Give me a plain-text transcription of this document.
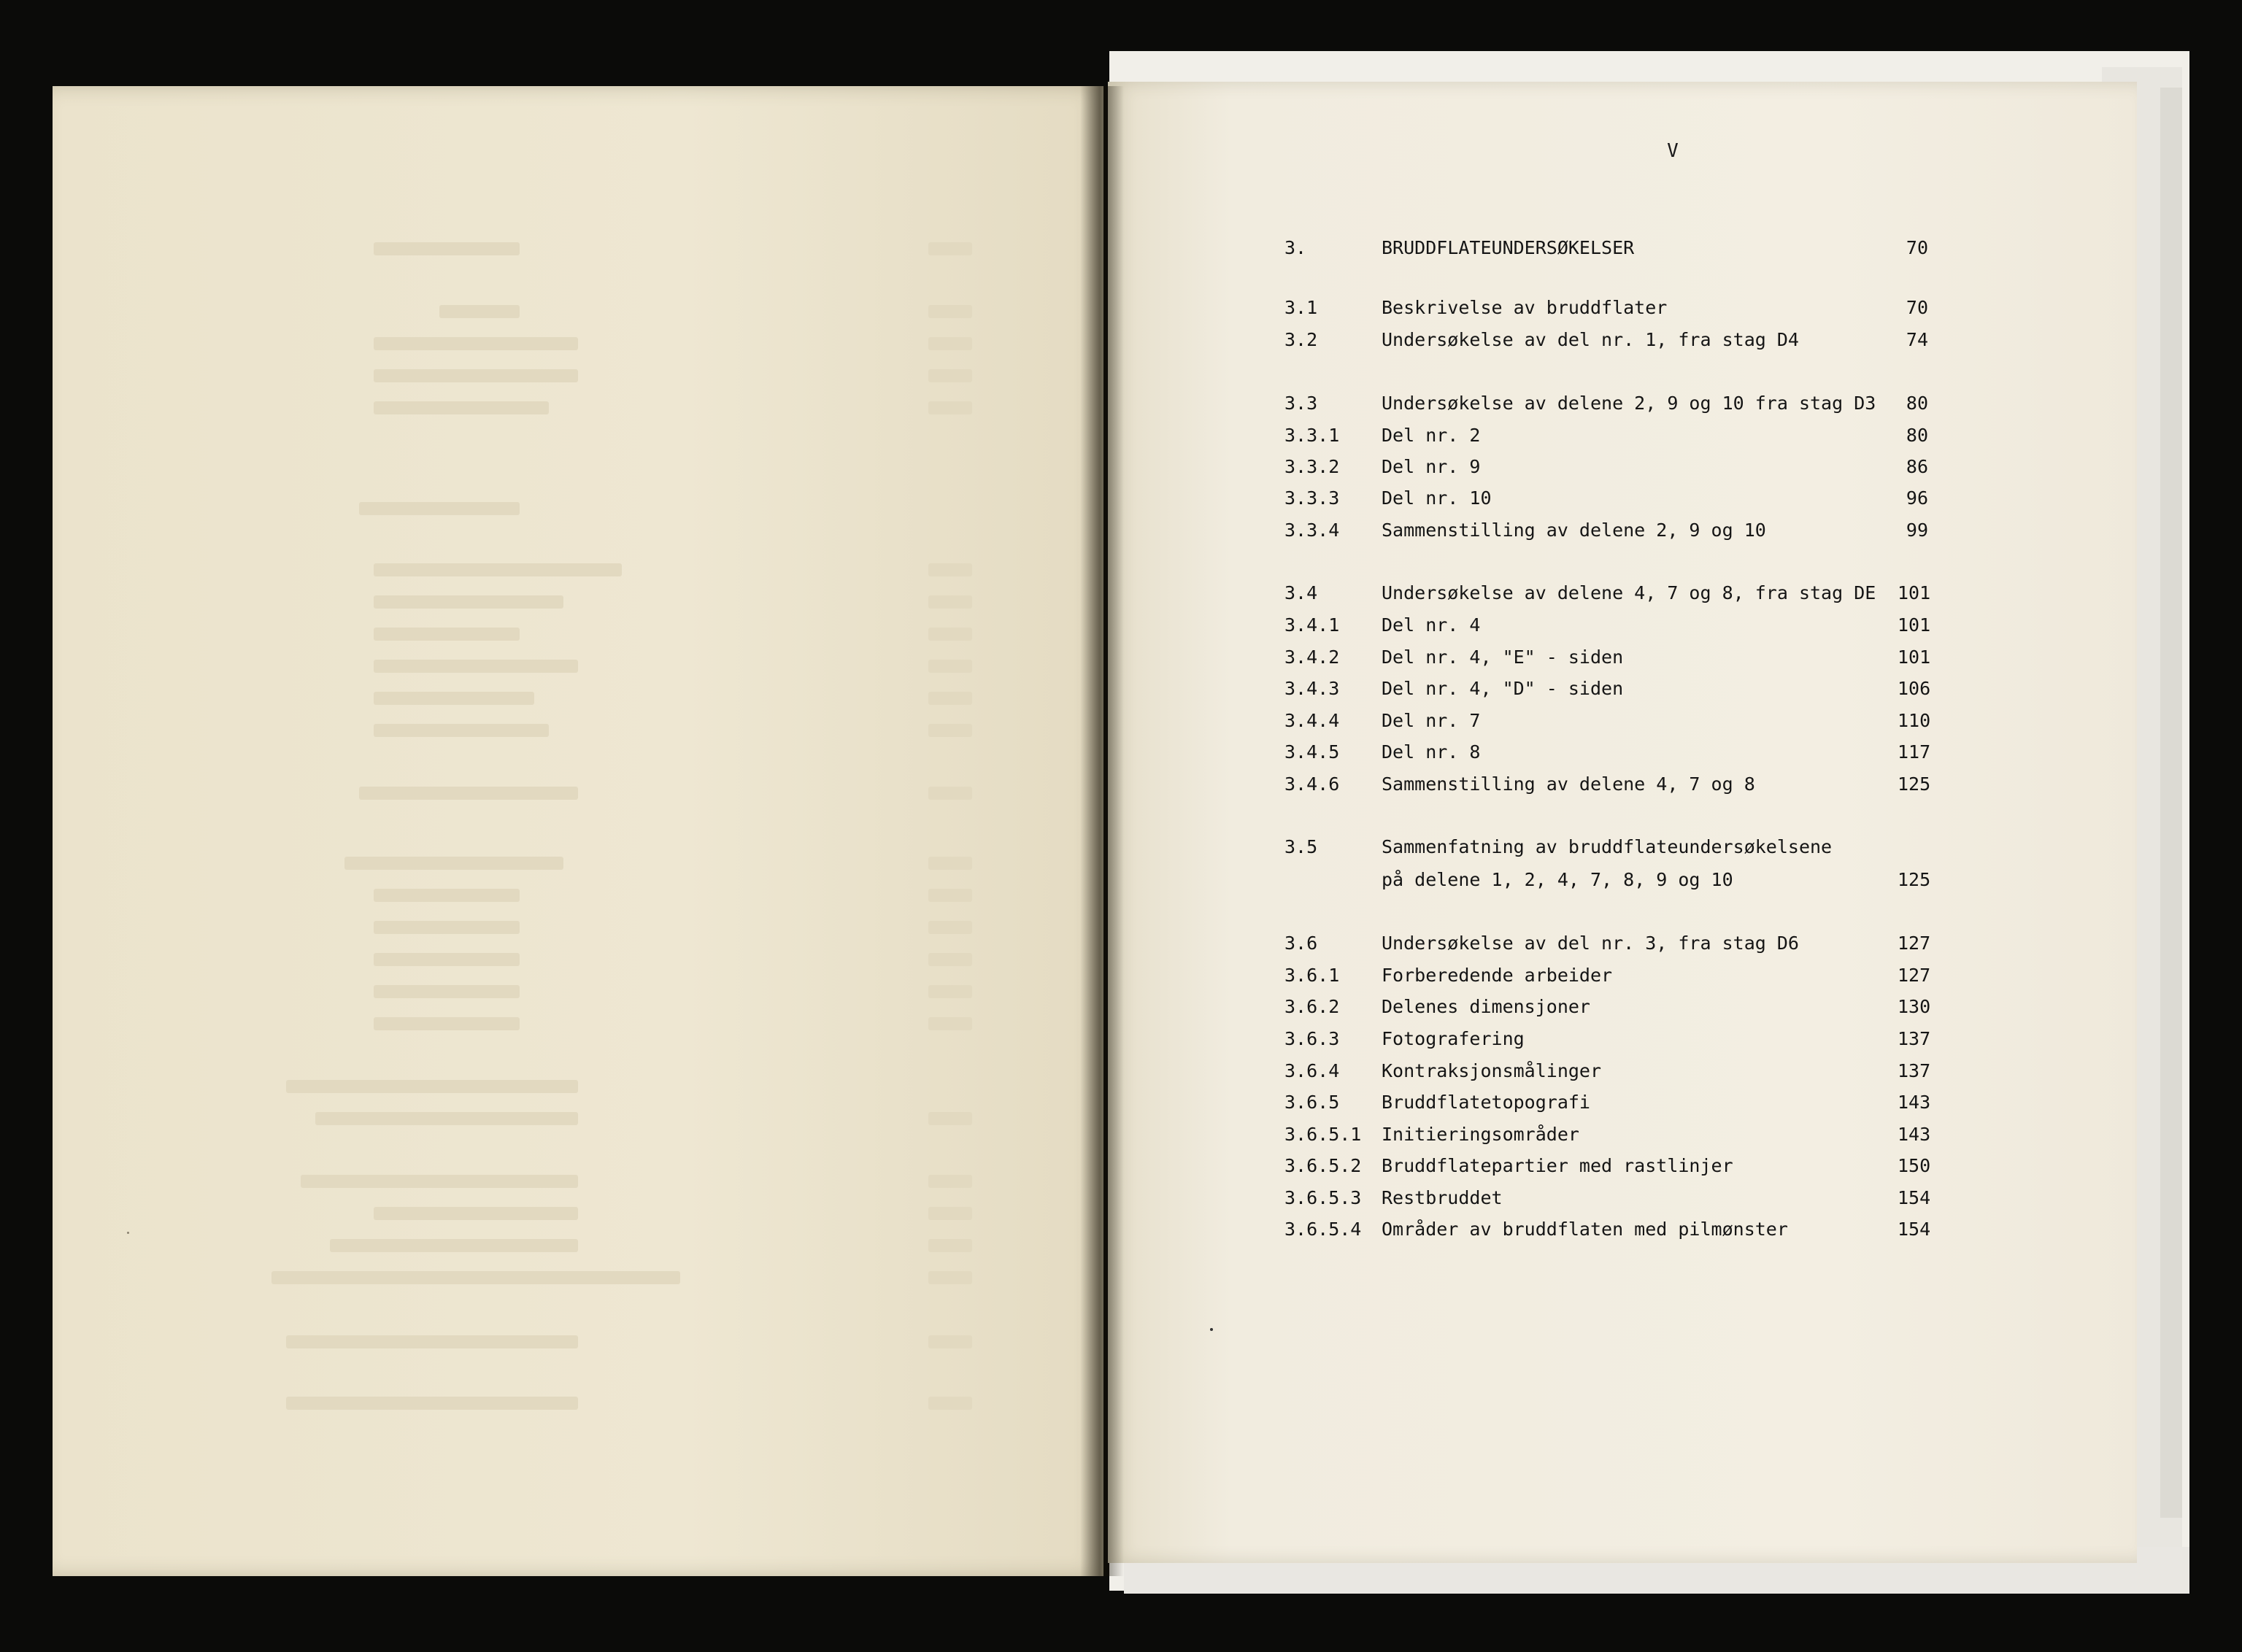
V
3.	BRUDDFLATEUNDERSØKELSER	70
3.1	Beskrivelse av bruddflater	70
3.2	Undersøkelse av del nr. 1, fra stag D4	74
3.3	Undersøkelse av delene 2, 9 og 10 fra stag D3	80
3.3.1 Del nr. 2	80
3.3.2 Del nr. 9	86
3.3.3 Del nr. 10	96
3.3.4 Sammenstilling av delene 2, 9 og 10	99
3.4	Undersøkelse av delene 4, 7 og 8, fra stag DE 101
3.4.1 Del nr. 4	101
3.4.2 Del nr. 4, "E" - siden	101
3.4.3 Del nr. 4, "D" - siden	106
3.4.4 Del nr. 7	110
3.4.5 Del nr. 8	117
3.4.6 Sammenstilling av delene 4, 7 og 8	125
3.5	Sammenfatning av bruddflateundersøkelsene
på delene 1, 2, 4, 7, 8, 9 og 10	125
3.6	Undersøkelse av del nr. 3, fra stag D6	127
3.6.1 Forberedende arbeider	127
3.6.2 Delenes dimensjoner	130
3.6.3 Fotografering	137
3.6.4 Kontraksjonsmålinger	137
3.6.5 Bruddflatetopografi	143
3.6.5.1 Initieringsområder	143
3.6.5.2 Bruddflatepartier med rastlinjer	150
3.6.5.3 Restbruddet	154
3.6.5.4 Områder av bruddflaten med pilmønster	154
